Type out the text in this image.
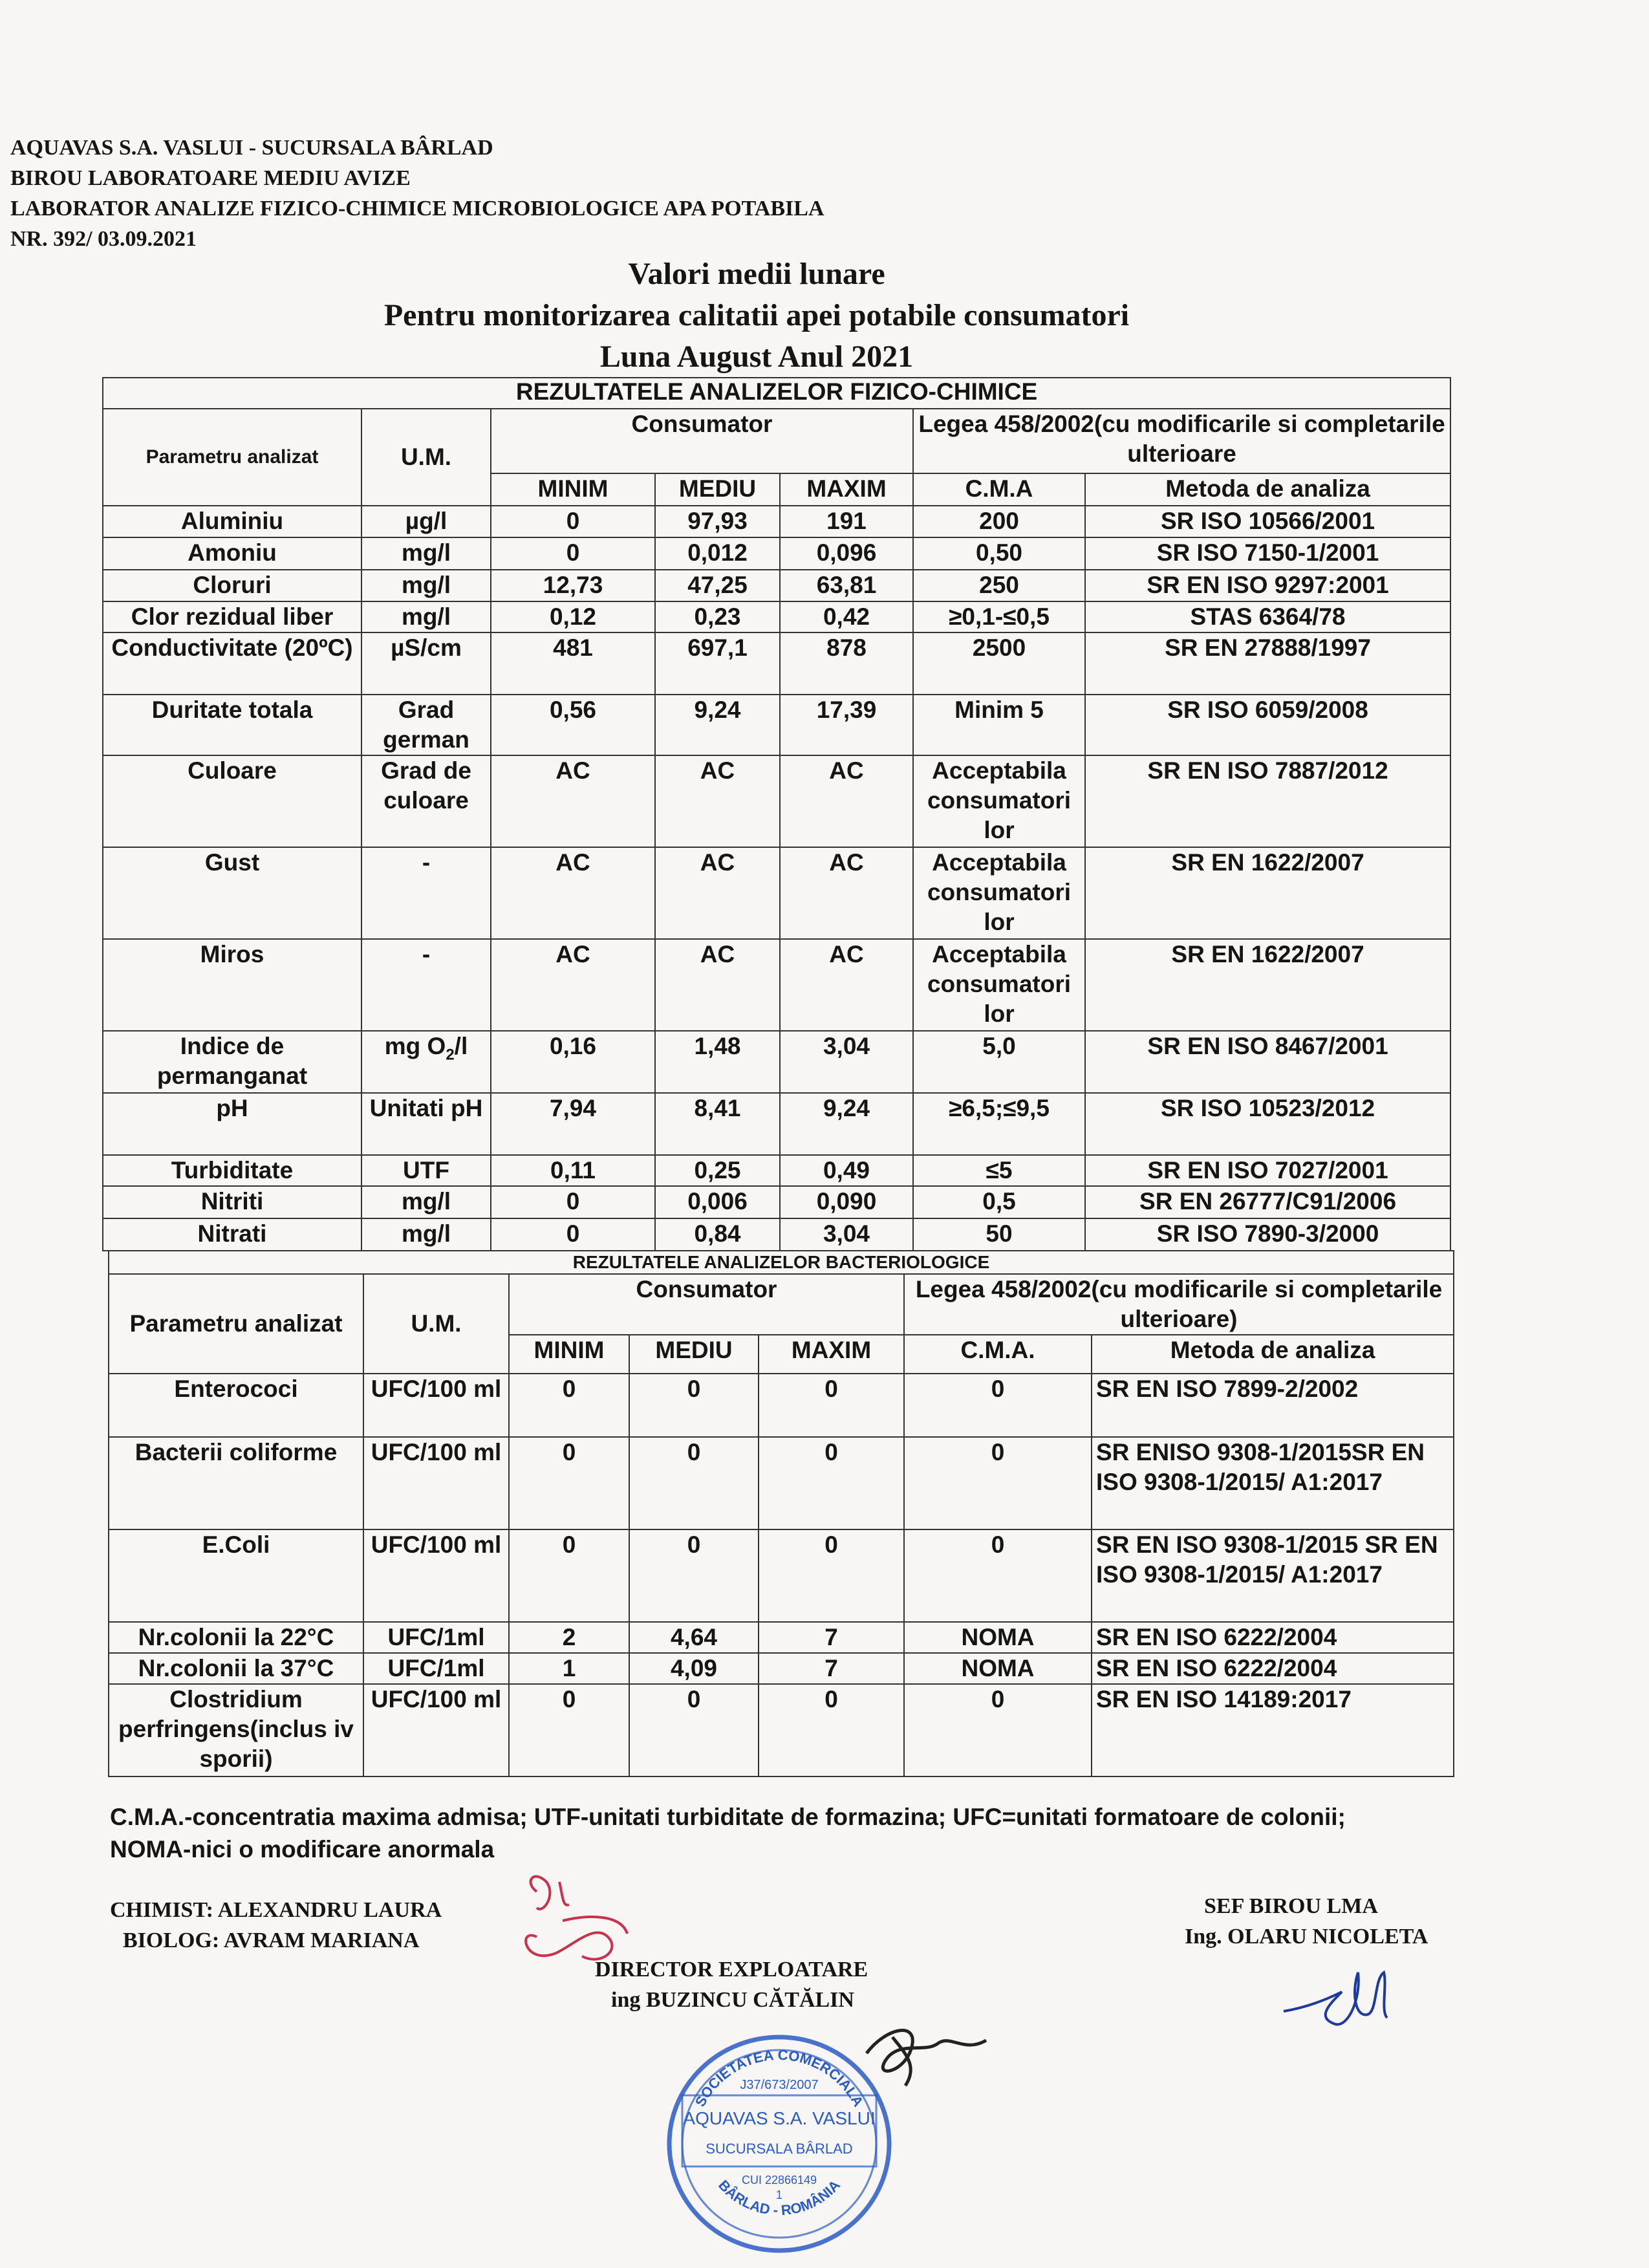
AQUAVAS S.A. VASLUI - SUCURSALA BÂRLAD
BIROU LABORATOARE MEDIU AVIZE
LABORATOR ANALIZE FIZICO-CHIMICE MICROBIOLOGICE APA POTABILA
NR. 392/ 03.09.2021
Valori medii lunare
Pentru monitorizarea calitatii apei potabile consumatori
Luna August Anul 2021
REZULTATELE ANALIZELOR FIZICO-CHIMICE						
Parametru analizat	U.M.	Consumator			Legea 458/2002(cu modificarile si completarile ulterioare	
		MINIM	MEDIU	MAXIM	C.M.A	Metoda de analiza
Aluminiu	µg/l	0	97,93	191	200	SR ISO 10566/2001
Amoniu	mg/l	0	0,012	0,096	0,50	SR ISO 7150-1/2001
Cloruri	mg/l	12,73	47,25	63,81	250	SR EN ISO 9297:2001
Clor rezidual liber	mg/l	0,12	0,23	0,42	≥0,1-≤0,5	STAS 6364/78
Conductivitate (20ºC)	µS/cm	481	697,1	878	2500	SR EN 27888/1997
Duritate totala	Grad german	0,56	9,24	17,39	Minim 5	SR ISO 6059/2008
Culoare	Grad de culoare	AC	AC	AC	Acceptabila consumatori lor	SR EN ISO 7887/2012
Gust	-	AC	AC	AC	Acceptabila consumatori lor	SR EN 1622/2007
Miros	-	AC	AC	AC	Acceptabila consumatori lor	SR EN 1622/2007
Indice de permanganat	mg $O_2/l$	0,16	1,48	3,04	5,0	SR EN ISO 8467/2001
pH	Unitati pH	7,94	8,41	9,24	≥6,5;≤9,5	SR ISO 10523/2012
Turbiditate	UTF	0,11	0,25	0,49	≤5	SR EN ISO 7027/2001
Nitriti	mg/l	0	0,006	0,090	0,5	SR EN 26777/C91/2006
Nitrati	mg/l	0	0,84	3,04	50	SR ISO 7890-3/2000
REZULTATELE ANALIZELOR BACTERIOLOGICE						
Parametru analizat	U.M.	Consumator			Legea 458/2002(cu modificarile si completarile ulterioare)	
		MINIM	MEDIU	MAXIM	C.M.A.	Metoda de analiza
Enterococi	UFC/100 ml	0	0	0	0	SR EN ISO 7899-2/2002
Bacterii coliforme	UFC/100 ml	0	0	0	0	SR ENISO 9308-1/2015SR EN ISO 9308-1/2015/ A1:2017
E.Coli	UFC/100 ml	0	0	0	0	SR EN ISO 9308-1/2015 SR EN ISO 9308-1/2015/ A1:2017
Nr.colonii la 22°C	UFC/1ml	2	4,64	7	NOMA	SR EN ISO 6222/2004
Nr.colonii la 37°C	UFC/1ml	1	4,09	7	NOMA	SR EN ISO 6222/2004
Clostridium perfringens(inclus iv sporii)	UFC/100 ml	0	0	0	0	SR EN ISO 14189:2017
C.M.A.-concentratia maxima admisa; UTF-unitati turbiditate de formazina; UFC=unitati formatoare de colonii;
NOMA-nici o modificare anormala
CHIMIST: ALEXANDRU LAURA
BIOLOG: AVRAM MARIANA
DIRECTOR EXPLOATARE
ing BUZINCU CĂTĂLIN
SEF BIROU LMA
Ing. OLARU NICOLETA
SOCIETATEA COMERCIALA
J37/673/2007
AQUAVAS S.A. VASLUI
SUCURSALA BÂRLAD
CUI 22866149
1
BÂRLAD - ROMÂNIA
